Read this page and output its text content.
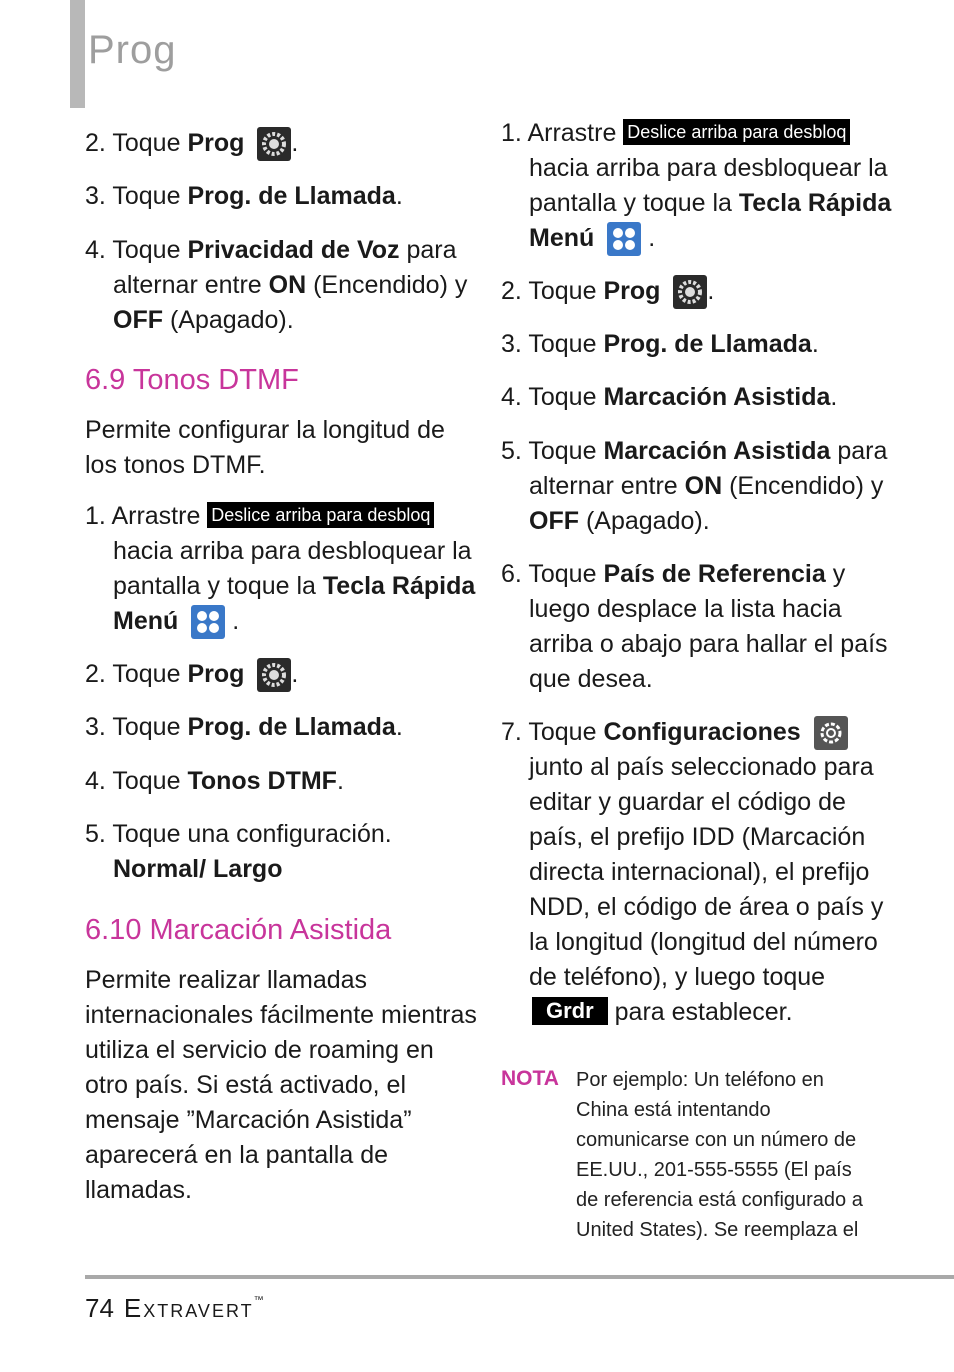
Prog
2. Toque Prog .
3. Toque Prog. de Llamada.
4. Toque Privacidad de Voz para
alternar entre ON (Encendido) y
OFF (Apagado).
6.9 Tonos DTMF
Permite configurar la longitud de
los tonos DTMF.
1. Arrastre Deslice arriba para desbloq
hacia arriba para desbloquear la
pantalla y toque la Tecla Rápida
Menú .
2. Toque Prog .
3. Toque Prog. de Llamada.
4. Toque Tonos DTMF.
5. Toque una configuración.
Normal/ Largo
6.10 Marcación Asistida
Permite realizar llamadas
internacionales fácilmente mientras
utiliza el servicio de roaming en
otro país. Si está activado, el
mensaje ”Marcación Asistida”
aparecerá en la pantalla de
llamadas.
1. Arrastre Deslice arriba para desbloq
hacia arriba para desbloquear la
pantalla y toque la Tecla Rápida
Menú .
2. Toque Prog .
3. Toque Prog. de Llamada.
4. Toque Marcación Asistida.
5. Toque Marcación Asistida para
alternar entre ON (Encendido) y
OFF (Apagado).
6. Toque País de Referencia y
luego desplace la lista hacia
arriba o abajo para hallar el país
que desea.
7. Toque Configuraciones
junto al país seleccionado para
editar y guardar el código de
país, el prefijo IDD (Marcación
directa internacional), el prefijo
NDD, el código de área o país y
la longitud (longitud del número
de teléfono), y luego toque
Grdr para establecer.
NOTA Por ejemplo: Un teléfono en
China está intentando
comunicarse con un número de
EE.UU., 201-555-5555 (El país
de referencia está configurado a
United States). Se reemplaza el
74 Extravert™
